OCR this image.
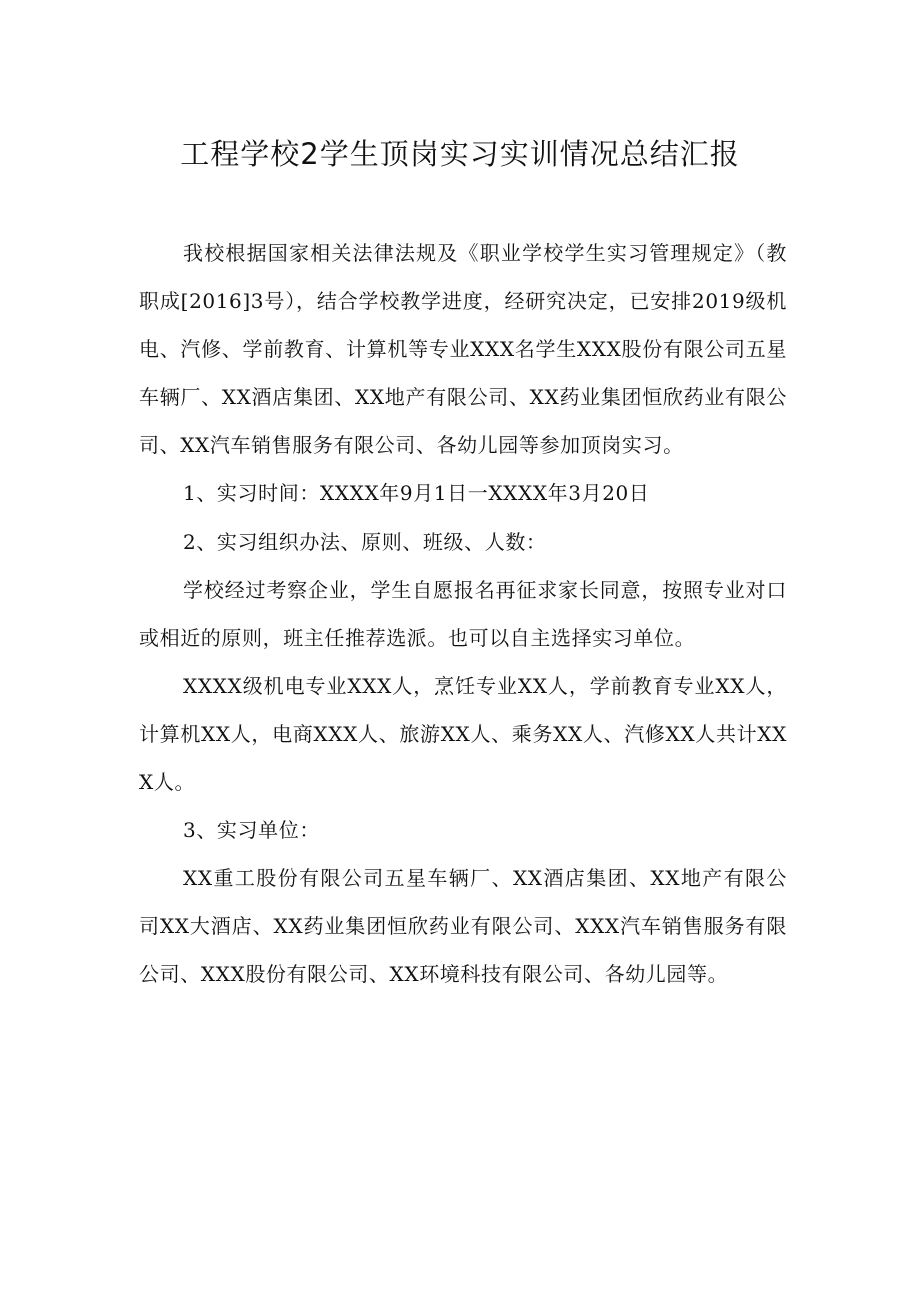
工程学校2学生顶岗实习实训情况总结汇报

我校根据国家相关法律法规及《职业学校学生实习管理规定》（教职成[2016]3号），结合学校教学进度，经研究决定，已安排2019级机电、汽修、学前教育、计算机等专业XXX名学生XXX股份有限公司五星车辆厂、XX酒店集团、XX地产有限公司、XX药业集团恒欣药业有限公司、XX汽车销售服务有限公司、各幼儿园等参加顶岗实习。

1、实习时间：XXXX年9月1日一XXXX年3月20日

2、实习组织办法、原则、班级、人数：

学校经过考察企业，学生自愿报名再征求家长同意，按照专业对口或相近的原则，班主任推荐选派。也可以自主选择实习单位。

XXXX级机电专业XXX人，烹饪专业XX人，学前教育专业XX人，计算机XX人，电商XXX人、旅游XX人、乘务XX人、汽修XX人共计XXX人。

3、实习单位：

XX重工股份有限公司五星车辆厂、XX酒店集团、XX地产有限公司XX大酒店、XX药业集团恒欣药业有限公司、XXX汽车销售服务有限公司、XXX股份有限公司、XX环境科技有限公司、各幼儿园等。
